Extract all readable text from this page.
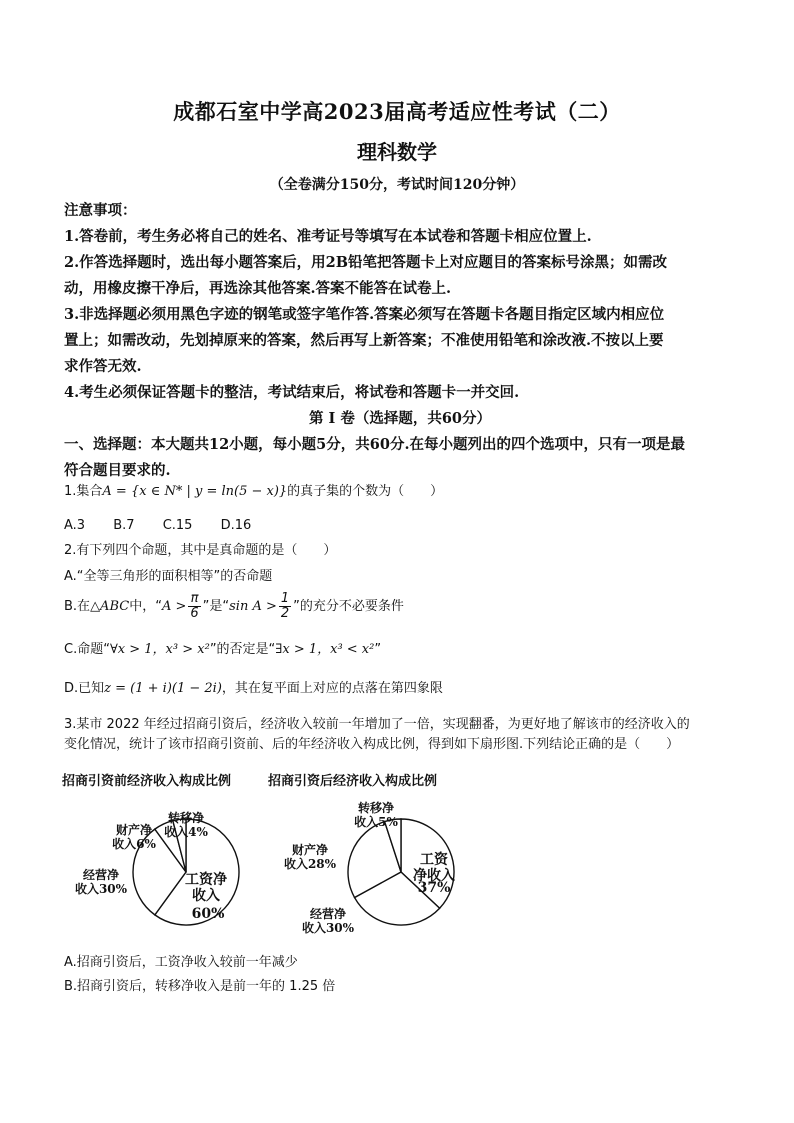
成都石室中学高2023届高考适应性考试（二）
理科数学
（全卷满分150分，考试时间120分钟）

注意事项：

1.答卷前，考生务必将自己的姓名、准考证号等填写在本试卷和答题卡相应位置上.

2.作答选择题时，选出每小题答案后，用2B铅笔把答题卡上对应题目的答案标号涂黑；如需改

动，用橡皮擦干净后，再选涂其他答案.答案不能答在试卷上.

3.非选择题必须用黑色字迹的钢笔或签字笔作答.答案必须写在答题卡各题目指定区域内相应位

置上；如需改动，先划掉原来的答案，然后再写上新答案；不准使用铅笔和涂改液.不按以上要

求作答无效.

4.考生必须保证答题卡的整洁，考试结束后，将试卷和答题卡一并交回.

第 I 卷（选择题，共60分）

一、选择题：本大题共12小题，每小题5分，共60分.在每小题列出的四个选项中，只有一项是最

符合题目要求的.

1.集合A = {x ∈ N* | y = ln(5 − x)}的真子集的个数为（　　）

A.3 B.7 C.15 D.16

2.有下列四个命题，其中是真命题的是（　　）

A.“全等三角形的面积相等”的否命题

B.在△ABC中，“$A > \frac{\pi}{6}$ ”是“sin $A > \frac{1}{2}$ ”的充分不必要条件

C.命题“∀x > 1，x³ > x²”的否定是“∃x > 1，x³ < x²”

D.已知z = (1 + i)(1 − 2i)，其在复平面上对应的点落在第四象限

3.某市 2022 年经过招商引资后，经济收入较前一年增加了一倍，实现翻番，为更好地了解该市的经济收入的

变化情况，统计了该市招商引资前、后的年经济收入构成比例，得到如下扇形图.下列结论正确的是（　　）

招商引资前经济收入构成比例	招商引资后经济收入构成比例
工资净
收入
60%
经营净
收入30%
财产净
收入6%
转移净
收入4%
工资
净收入
37%
经营净
收入30%
财产净
收入28%
转移净
收入5%

A.招商引资后，工资净收入较前一年减少

B.招商引资后，转移净收入是前一年的 1.25 倍
